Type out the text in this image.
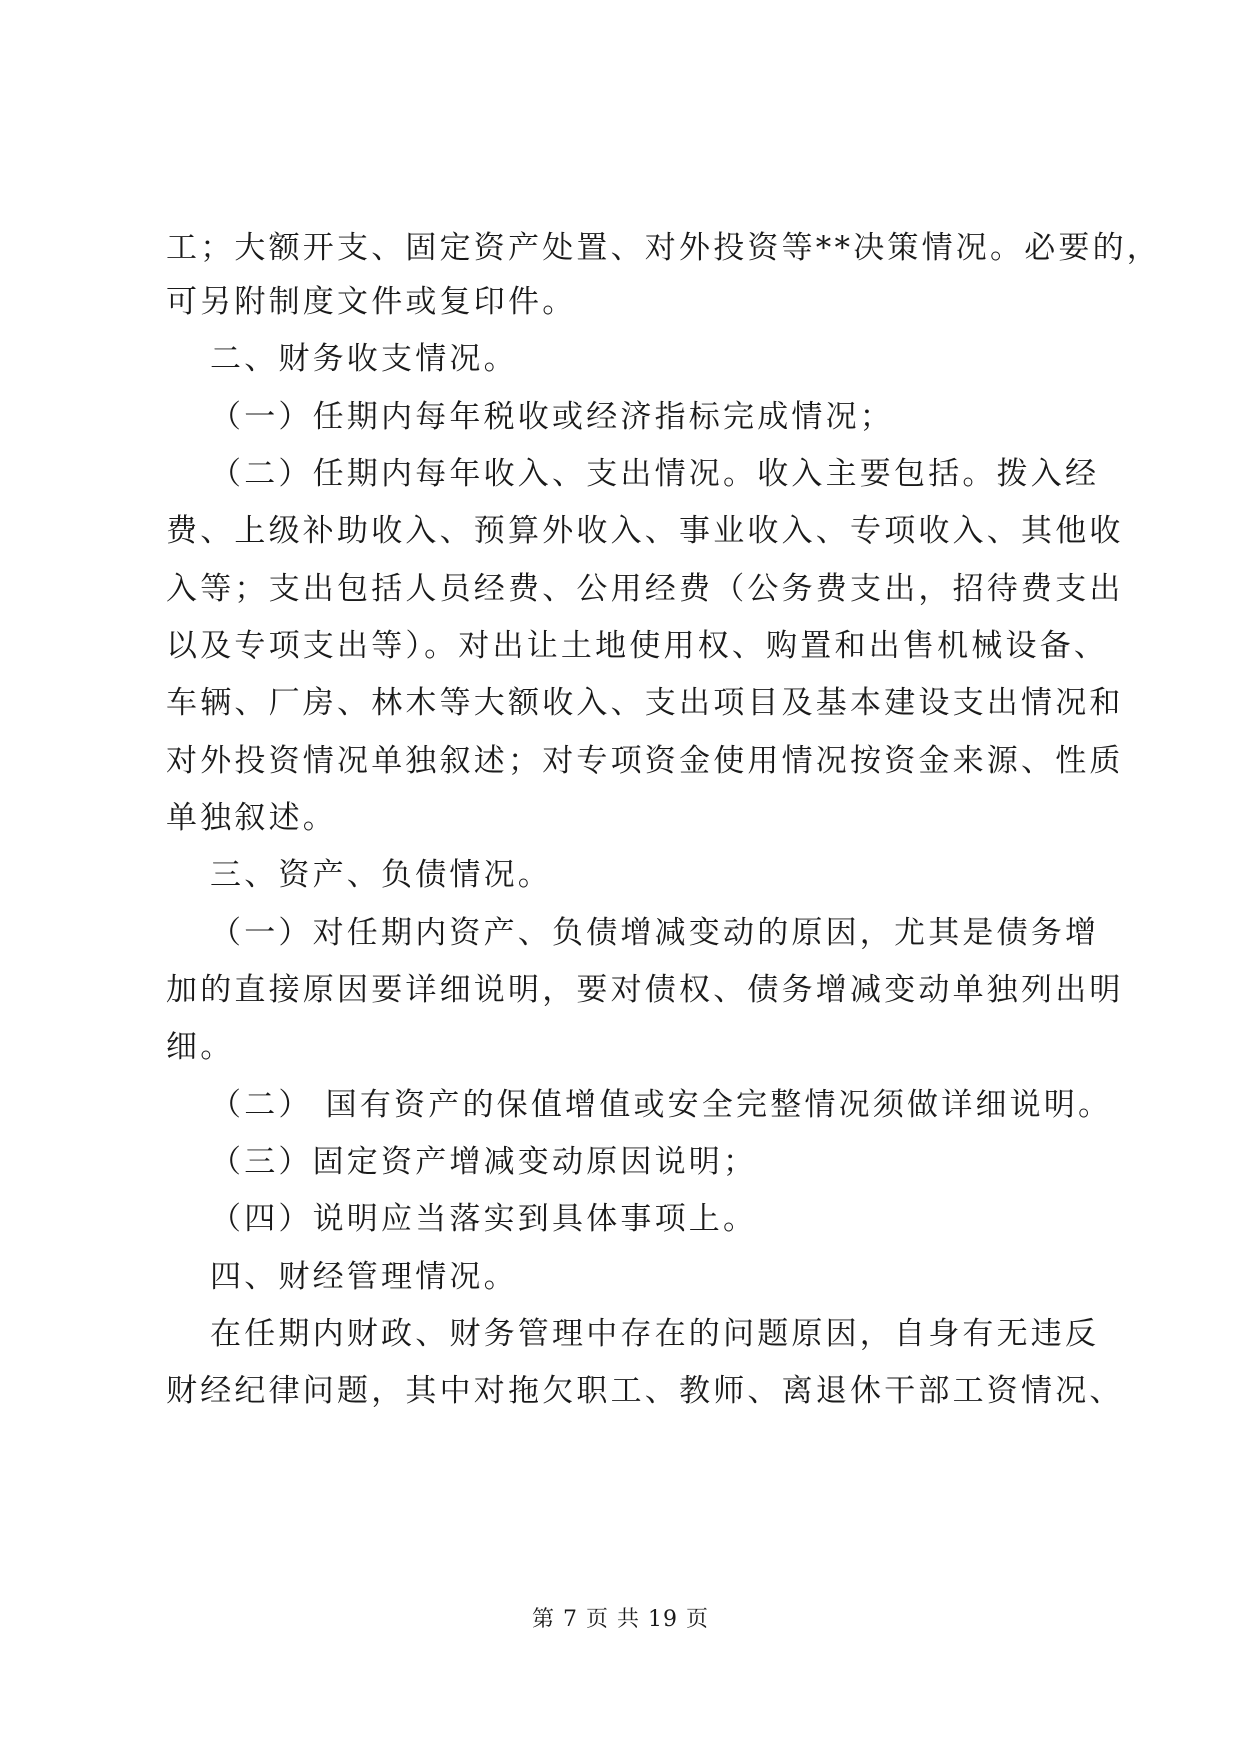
工；大额开支、固定资产处置、对外投资等**决策情况。必要的，
可另附制度文件或复印件。
二、财务收支情况。
（一）任期内每年税收或经济指标完成情况；
（二）任期内每年收入、支出情况。收入主要包括。拨入经
费、上级补助收入、预算外收入、事业收入、专项收入、其他收
入等；支出包括人员经费、公用经费（公务费支出，招待费支出
以及专项支出等）。对出让土地使用权、购置和出售机械设备、
车辆、厂房、林木等大额收入、支出项目及基本建设支出情况和
对外投资情况单独叙述；对专项资金使用情况按资金来源、性质
单独叙述。
三、资产、负债情况。
（一）对任期内资产、负债增减变动的原因，尤其是债务增
加的直接原因要详细说明，要对债权、债务增减变动单独列出明
细。
（二） 国有资产的保值增值或安全完整情况须做详细说明。
（三）固定资产增减变动原因说明；
（四）说明应当落实到具体事项上。
四、财经管理情况。
在任期内财政、财务管理中存在的问题原因，自身有无违反
财经纪律问题，其中对拖欠职工、教师、离退休干部工资情况、
第 7 页 共 19 页
